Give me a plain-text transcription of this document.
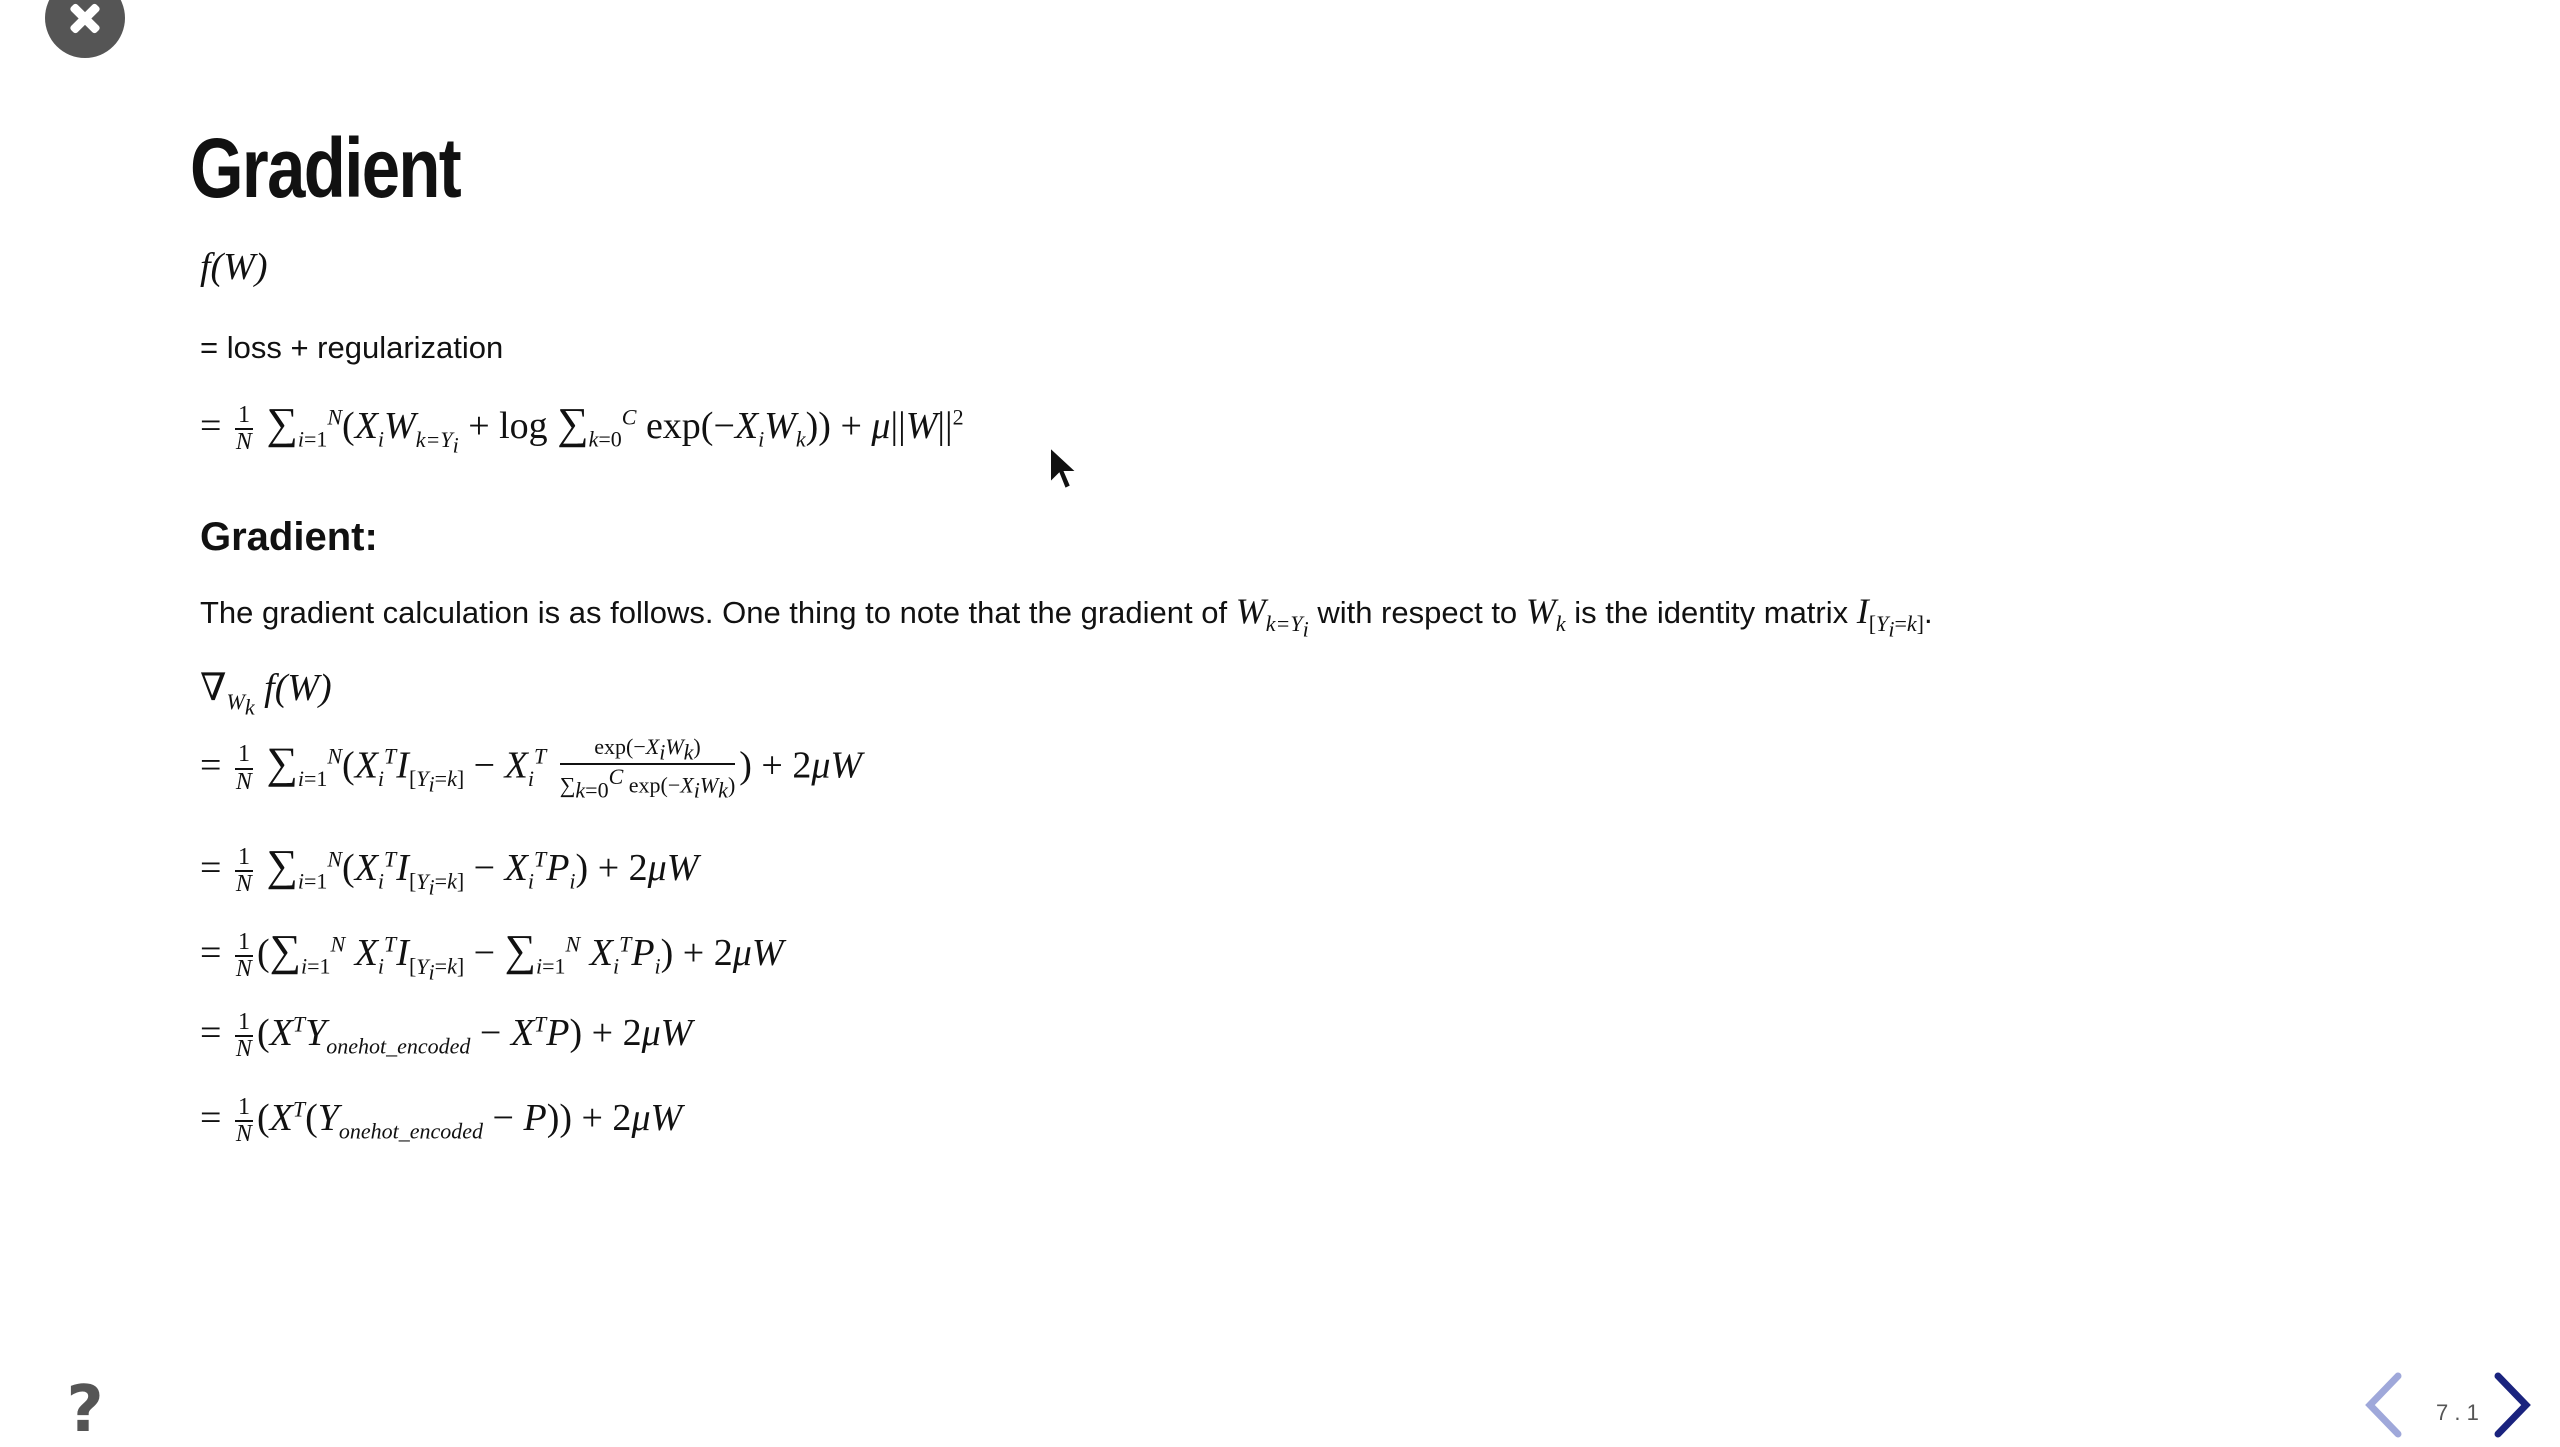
Gradient
f(W)
= loss + regularization
= $\frac{1}{N} \sum_{i=1}^N(X_iW_{k=Y_i} + \log \sum_{k=0}^C$ $\exp(-X_iW_k)) + \mu||W||^2$
Gradient:
The gradient calculation is as follows. One thing to note that the gradient of $W_{k=Y_i}$ with respect to $W_k$ is the identity matrix $I_{[Y_i=k]}$.
$\nabla_{W_k}$ f(W)
= $\frac{1}{N} \sum_{i=1}^N(X_i^TI_{[Y_i=k]} - X_i^T \frac{\exp(-X_iW_k)}{\sum_{k=0}^C \exp(-X_iW_k)}$ ) + 2μW
= $\frac{1}{N} \sum_{i=1}^N(X_i^TI_{[Y_i=k]} - X_i^TP_i) + 2\mu W$
= $\frac{1}{N} (\sum_{i=1}^N$ $X_i^TI_{[Y_i=k]} - \sum_{i=1}^N$ $X_i^TP_i) + 2\mu W$
= $\frac{1}{N} (X^TY_{onehot\_encoded} - X^TP) + 2\mu W$
= $\frac{1}{N} (X^T(Y_{onehot\_encoded} - P)) + 2\mu W$
?	7 . 1
